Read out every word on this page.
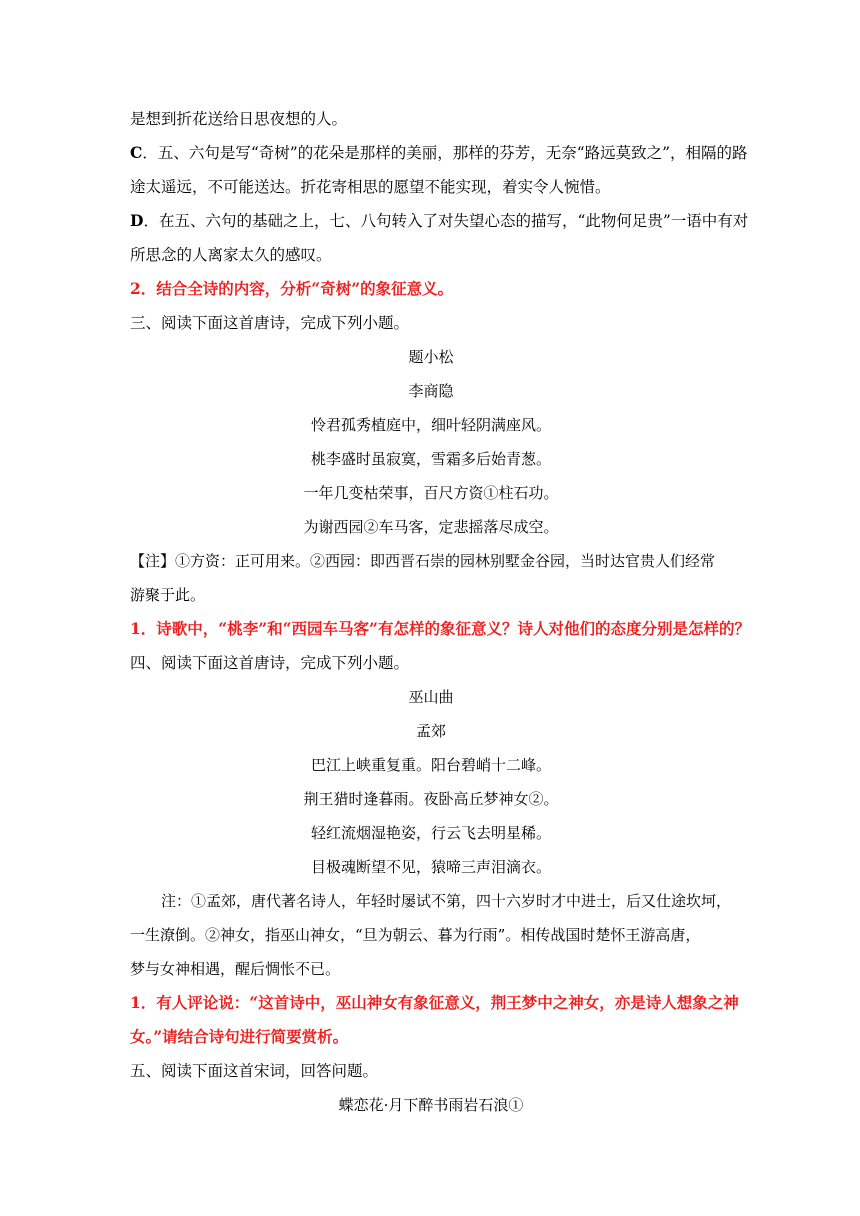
是想到折花送给日思夜想的人。

C．五、六句是写“奇树”的花朵是那样的美丽，那样的芬芳，无奈“路远莫致之”，相隔的路

途太遥远，不可能送达。折花寄相思的愿望不能实现，着实令人惋惜。

D．在五、六句的基础之上，七、八句转入了对失望心态的描写，“此物何足贵”一语中有对

所思念的人离家太久的感叹。

2．结合全诗的内容，分析“奇树”的象征意义。

三、阅读下面这首唐诗，完成下列小题。

题小松

李商隐

怜君孤秀植庭中，细叶轻阴满座风。

桃李盛时虽寂寞，雪霜多后始青葱。

一年几变枯荣事，百尺方资①柱石功。

为谢西园②车马客，定悲摇落尽成空。

【注】①方资：正可用来。②西园：即西晋石崇的园林别墅金谷园，当时达官贵人们经常

游聚于此。

1．诗歌中，“桃李”和“西园车马客”有怎样的象征意义？诗人对他们的态度分别是怎样的？

四、阅读下面这首唐诗，完成下列小题。

巫山曲

孟郊

巴江上峡重复重。阳台碧峭十二峰。

荆王猎时逢暮雨。夜卧高丘梦神女②。

轻红流烟湿艳姿，行云飞去明星稀。

目极魂断望不见，猿啼三声泪滴衣。

注：①孟郊，唐代著名诗人，年轻时屡试不第，四十六岁时才中进士，后又仕途坎坷，

一生潦倒。②神女，指巫山神女，“旦为朝云、暮为行雨”。相传战国时楚怀王游高唐，

梦与女神相遇，醒后惆怅不已。

1．有人评论说：“这首诗中，巫山神女有象征意义，荆王梦中之神女，亦是诗人想象之神

女。”请结合诗句进行简要赏析。

五、阅读下面这首宋词，回答问题。

蝶恋花·月下醉书雨岩石浪①
